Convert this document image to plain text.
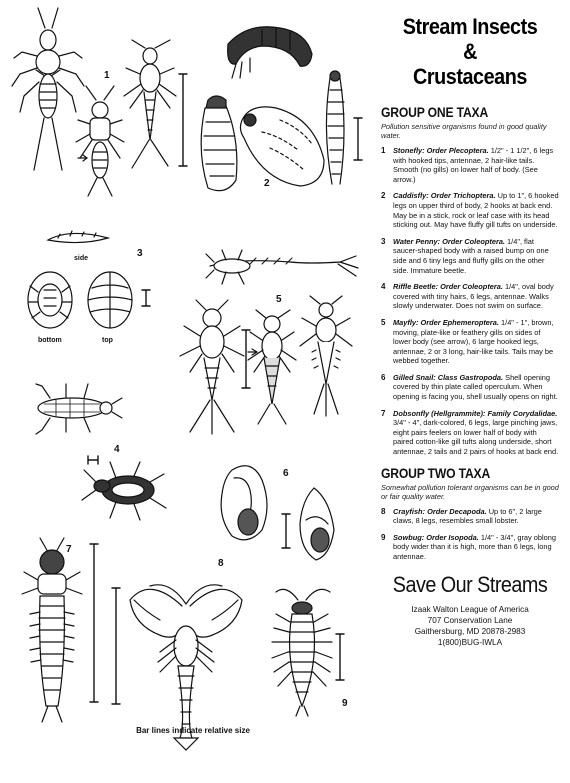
1
2
side
bottom	top
3
5
4
6
7
8
9
Bar lines indicate relative size
Stream Insects
&
Crustaceans
GROUP ONE TAXA
Pollution sensitive organisms found in good quality water.
1	Stonefly: Order Plecoptera. 1/2" - 1 1/2", 6 legs with hooked tips, antennae, 2 hair-like tails. Smooth (no gills) on lower half of body. (See arrow.)
2	Caddisfly: Order Trichoptera. Up to 1", 6 hooked legs on upper third of body, 2 hooks at back end. May be in a stick, rock or leaf case with its head sticking out. May have fluffy gill tufts on underside.
3	Water Penny: Order Coleoptera. 1/4", flat saucer-shaped body with a raised bump on one side and 6 tiny legs and fluffy gills on the other side. Immature beetle.
4	Riffle Beetle: Order Coleoptera. 1/4", oval body covered with tiny hairs, 6 legs, antennae. Walks slowly underwater. Does not swim on surface.
5	Mayfly: Order Ephemeroptera. 1/4" - 1", brown, moving, plate-like or feathery gills on sides of lower body (see arrow), 6 large hooked legs, antennae, 2 or 3 long, hair-like tails. Tails may be webbed together.
6	Gilled Snail: Class Gastropoda. Shell opening covered by thin plate called operculum. When opening is facing you, shell usually opens on right.
7	Dobsonfly (Hellgrammite): Family Corydalidae. 3/4" - 4", dark-colored, 6 legs, large pinching jaws, eight pairs feelers on lower half of body with paired cotton-like gill tufts along underside, short antennae, 2 tails and 2 pairs of hooks at back end.
GROUP TWO TAXA
Somewhat pollution tolerant organisms can be in good or fair quality water.
8	Crayfish: Order Decapoda. Up to 6", 2 large claws, 8 legs, resembles small lobster.
9	Sowbug: Order Isopoda. 1/4" - 3/4", gray oblong body wider than it is high, more than 6 legs, long antennae.
Save Our Streams
Izaak Walton League of America
707 Conservation Lane
Gaithersburg, MD 20878-2983
1(800)BUG-IWLA
